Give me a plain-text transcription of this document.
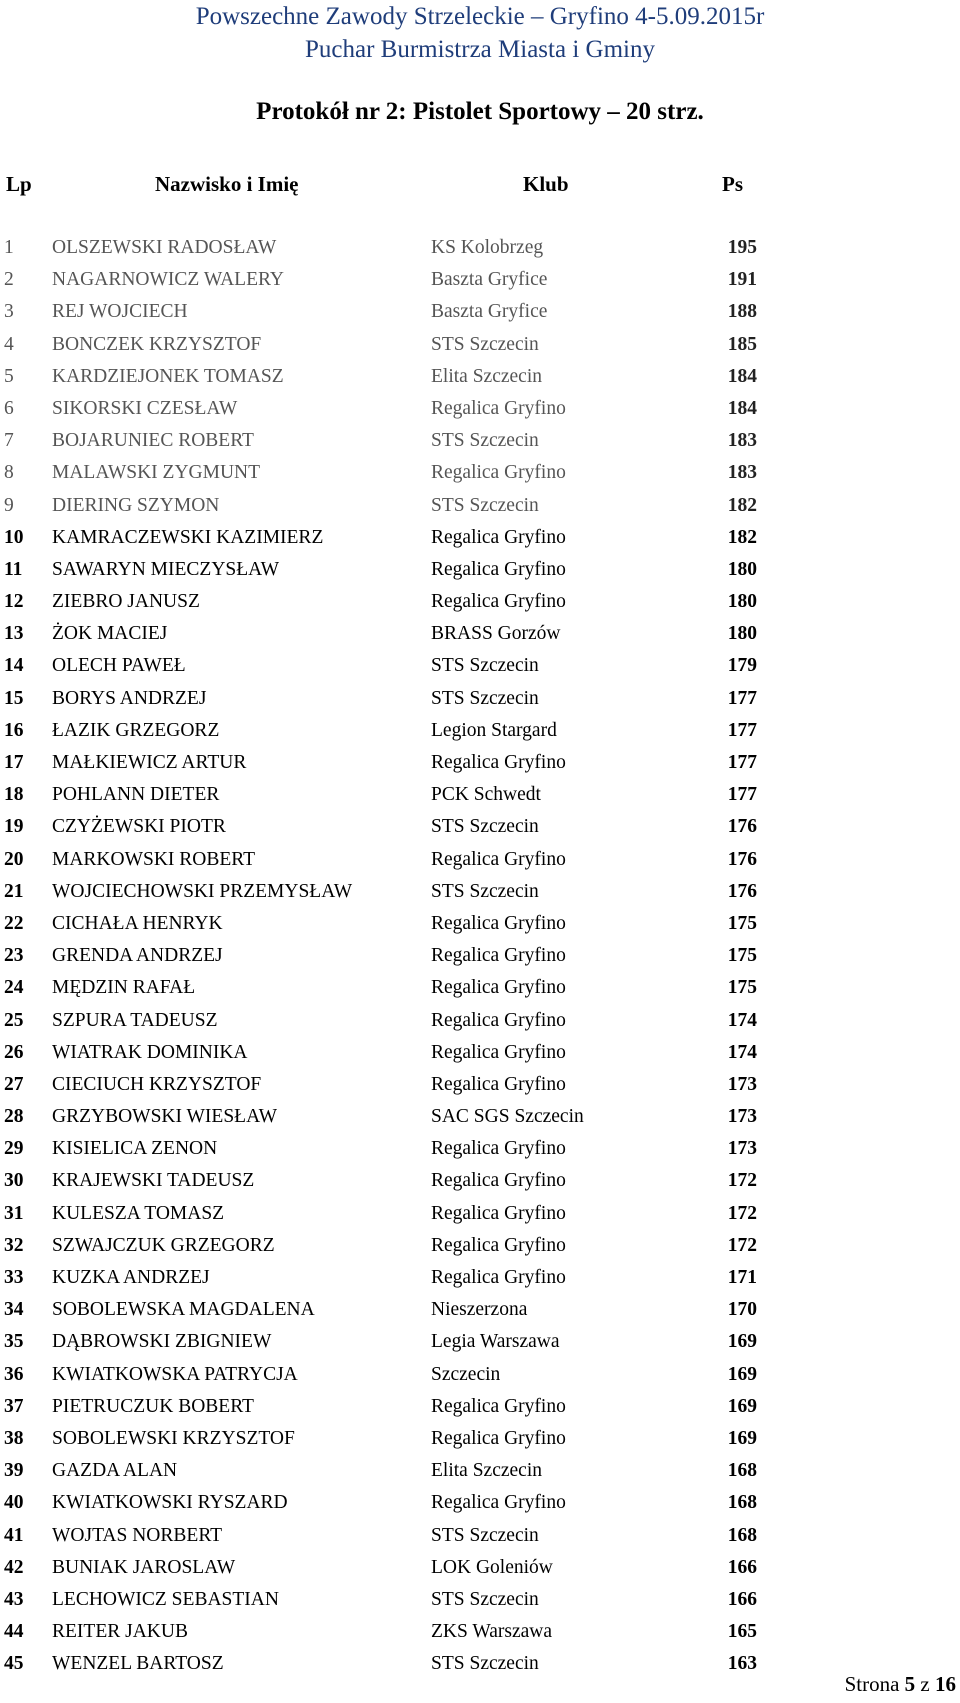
Powszechne Zawody Strzeleckie – Gryfino 4-5.09.2015r
Puchar Burmistrza Miasta i Gminy
Protokół nr 2: Pistolet Sportowy – 20 strz.
Lp	Nazwisko i Imię	Klub	Ps
1	OLSZEWSKI RADOSŁAW	KS Kolobrzeg	195
2	NAGARNOWICZ WALERY	Baszta Gryfice	191
3	REJ WOJCIECH	Baszta Gryfice	188
4	BONCZEK KRZYSZTOF	STS Szczecin	185
5	KARDZIEJONEK TOMASZ	Elita Szczecin	184
6	SIKORSKI CZESŁAW	Regalica Gryfino	184
7	BOJARUNIEC ROBERT	STS Szczecin	183
8	MALAWSKI ZYGMUNT	Regalica Gryfino	183
9	DIERING SZYMON	STS Szczecin	182
10	KAMRACZEWSKI KAZIMIERZ	Regalica Gryfino	182
11	SAWARYN MIECZYSŁAW	Regalica Gryfino	180
12	ZIEBRO JANUSZ	Regalica Gryfino	180
13	ŻOK MACIEJ	BRASS Gorzów	180
14	OLECH PAWEŁ	STS Szczecin	179
15	BORYS ANDRZEJ	STS Szczecin	177
16	ŁAZIK GRZEGORZ	Legion Stargard	177
17	MAŁKIEWICZ ARTUR	Regalica Gryfino	177
18	POHLANN DIETER	PCK Schwedt	177
19	CZYŻEWSKI PIOTR	STS Szczecin	176
20	MARKOWSKI ROBERT	Regalica Gryfino	176
21	WOJCIECHOWSKI PRZEMYSŁAW	STS Szczecin	176
22	CICHAŁA HENRYK	Regalica Gryfino	175
23	GRENDA ANDRZEJ	Regalica Gryfino	175
24	MĘDZIN RAFAŁ	Regalica Gryfino	175
25	SZPURA TADEUSZ	Regalica Gryfino	174
26	WIATRAK DOMINIKA	Regalica Gryfino	174
27	CIECIUCH KRZYSZTOF	Regalica Gryfino	173
28	GRZYBOWSKI WIESŁAW	SAC SGS Szczecin	173
29	KISIELICA ZENON	Regalica Gryfino	173
30	KRAJEWSKI TADEUSZ	Regalica Gryfino	172
31	KULESZA TOMASZ	Regalica Gryfino	172
32	SZWAJCZUK GRZEGORZ	Regalica Gryfino	172
33	KUZKA ANDRZEJ	Regalica Gryfino	171
34	SOBOLEWSKA MAGDALENA	Nieszerzona	170
35	DĄBROWSKI ZBIGNIEW	Legia Warszawa	169
36	KWIATKOWSKA PATRYCJA	Szczecin	169
37	PIETRUCZUK BOBERT	Regalica Gryfino	169
38	SOBOLEWSKI KRZYSZTOF	Regalica Gryfino	169
39	GAZDA ALAN	Elita Szczecin	168
40	KWIATKOWSKI RYSZARD	Regalica Gryfino	168
41	WOJTAS NORBERT	STS Szczecin	168
42	BUNIAK JAROSLAW	LOK Goleniów	166
43	LECHOWICZ SEBASTIAN	STS Szczecin	166
44	REITER JAKUB	ZKS Warszawa	165
45	WENZEL BARTOSZ	STS Szczecin	163
Strona 5 z 16
